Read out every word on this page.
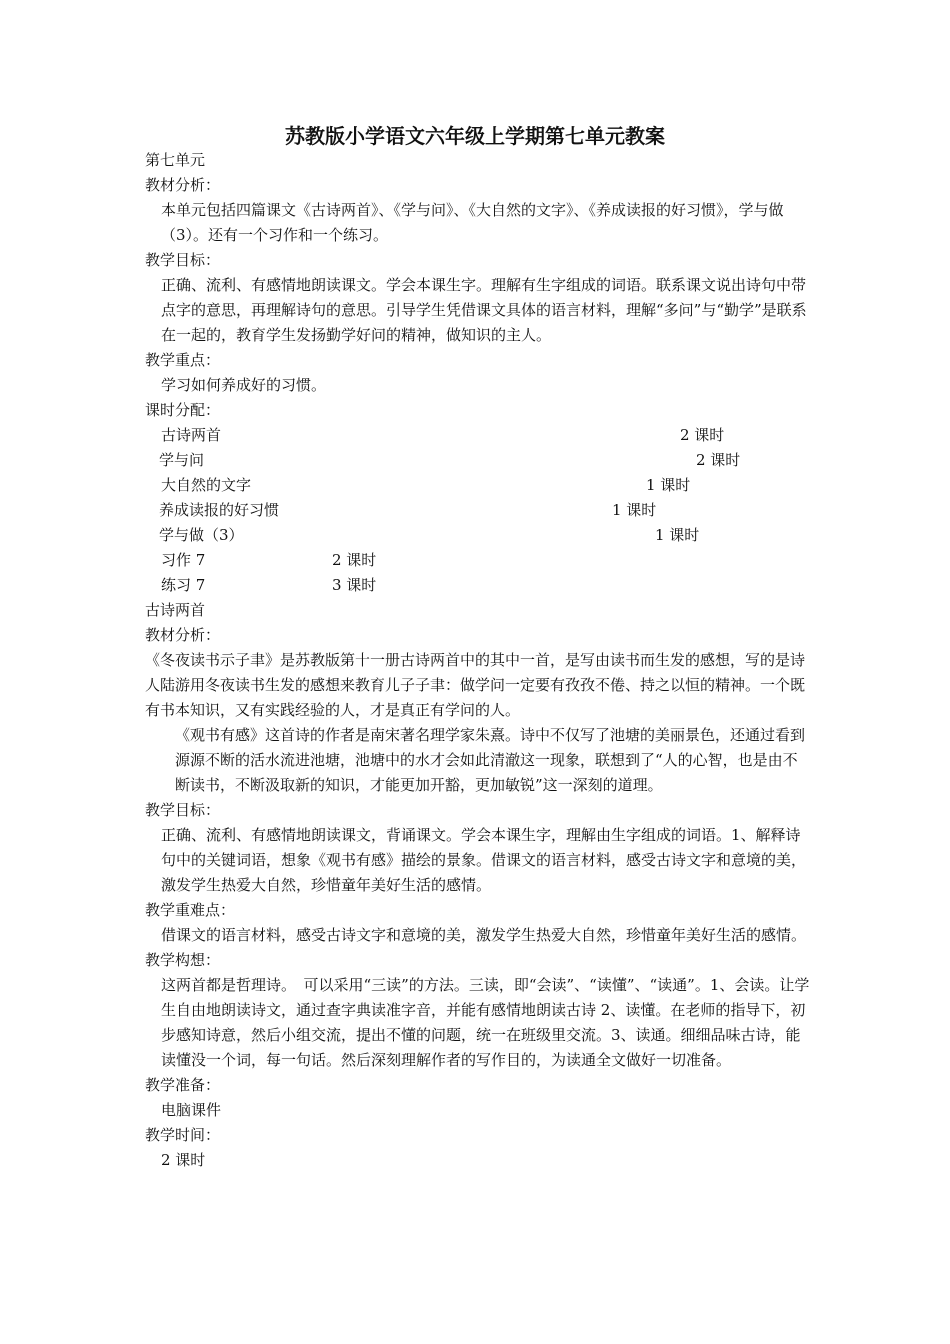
苏教版小学语文六年级上学期第七单元教案
第七单元
教材分析：
本单元包括四篇课文《古诗两首》、《学与问》、《大自然的文字》、《养成读报的好习惯》，学与做（3）。还有一个习作和一个练习。
教学目标：
正确、流利、有感情地朗读课文。学会本课生字。理解有生字组成的词语。联系课文说出诗句中带点字的意思，再理解诗句的意思。引导学生凭借课文具体的语言材料，理解“多问”与“勤学”是联系在一起的，教育学生发扬勤学好问的精神，做知识的主人。
教学重点：
学习如何养成好的习惯。
课时分配：
古诗两首	2 课时
学与问	2 课时
大自然的文字	1 课时
养成读报的好习惯	1 课时
学与做（3）	1 课时
习作 7	2 课时
练习 7	3 课时
古诗两首
教材分析：
《冬夜读书示子聿》是苏教版第十一册古诗两首中的其中一首，是写由读书而生发的感想，写的是诗人陆游用冬夜读书生发的感想来教育儿子子聿：做学问一定要有孜孜不倦、持之以恒的精神。一个既有书本知识，又有实践经验的人，才是真正有学问的人。
《观书有感》这首诗的作者是南宋著名理学家朱熹。诗中不仅写了池塘的美丽景色，还通过看到源源不断的活水流进池塘，池塘中的水才会如此清澈这一现象，联想到了“人的心智，也是由不断读书，不断汲取新的知识，才能更加开豁，更加敏锐”这一深刻的道理。
教学目标：
正确、流利、有感情地朗读课文，背诵课文。学会本课生字，理解由生字组成的词语。1、解释诗句中的关键词语，想象《观书有感》描绘的景象。借课文的语言材料，感受古诗文字和意境的美，激发学生热爱大自然，珍惜童年美好生活的感情。
教学重难点：
借课文的语言材料，感受古诗文字和意境的美，激发学生热爱大自然，珍惜童年美好生活的感情。
教学构想：
这两首都是哲理诗。　可以采用“三读”的方法。三读，即“会读”、“读懂”、“读通”。1、会读。让学生自由地朗读诗文，通过查字典读准字音，并能有感情地朗读古诗 2、读懂。在老师的指导下，初步感知诗意，然后小组交流，提出不懂的问题，统一在班级里交流。3、读通。细细品味古诗，能读懂没一个词，每一句话。然后深刻理解作者的写作目的，为读通全文做好一切准备。
教学准备：
电脑课件
教学时间：
2 课时
